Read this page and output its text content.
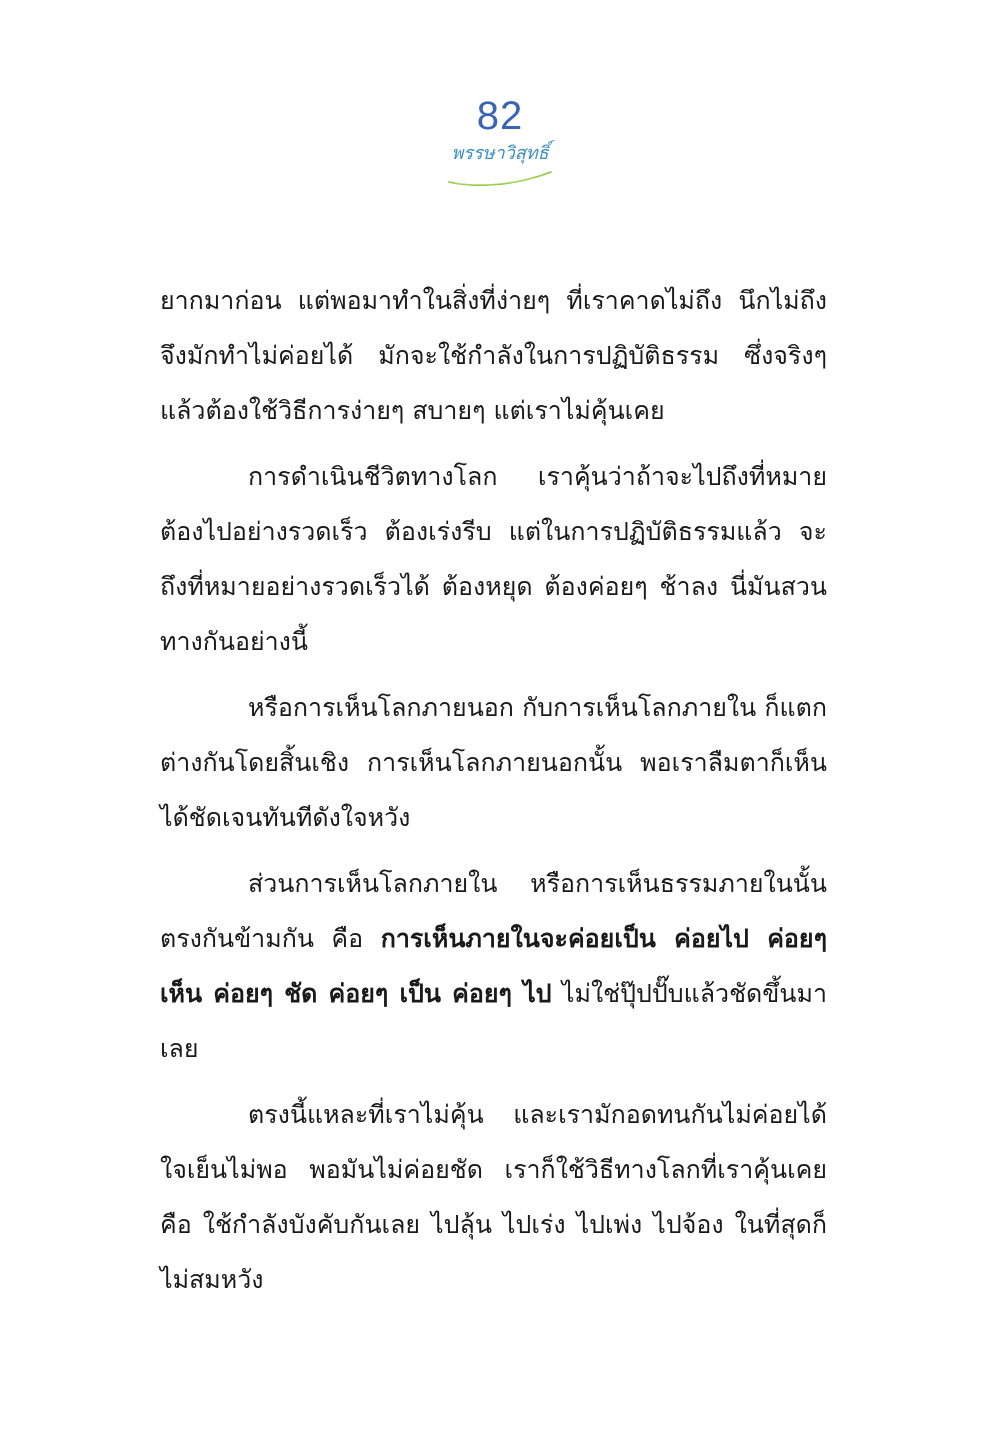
82
พรรษาวิสุทธิ์

ยากมาก่อน แต่พอมาทำในสิ่งที่ง่ายๆ ที่เราคาดไม่ถึง นึกไม่ถึงจึงมักทำไม่ค่อยได้ มักจะใช้กำลังในการปฏิบัติธรรม ซึ่งจริงๆ แล้วต้องใช้วิธีการง่ายๆ สบายๆ แต่เราไม่คุ้นเคย

การดำเนินชีวิตทางโลก เราคุ้นว่าถ้าจะไปถึงที่หมาย ต้องไปอย่างรวดเร็ว ต้องเร่งรีบ แต่ในการปฏิบัติธรรมแล้ว จะถึงที่หมายอย่างรวดเร็วได้ ต้องหยุด ต้องค่อยๆ ช้าลง นี่มันสวนทางกันอย่างนี้

หรือการเห็นโลกภายนอก กับการเห็นโลกภายใน ก็แตกต่างกันโดยสิ้นเชิง การเห็นโลกภายนอกนั้น พอเราลืมตาก็เห็นได้ชัดเจนทันทีดังใจหวัง

ส่วนการเห็นโลกภายใน หรือการเห็นธรรมภายในนั้นตรงกันข้ามกัน คือ การเห็นภายในจะค่อยเป็น ค่อยไป ค่อยๆ เห็น ค่อยๆ ชัด ค่อยๆ เป็น ค่อยๆ ไป ไม่ใช่ปุ๊ปปั๊บแล้วชัดขึ้นมาเลย

ตรงนี้แหละที่เราไม่คุ้น และเรามักอดทนกันไม่ค่อยได้ ใจเย็นไม่พอ พอมันไม่ค่อยชัด เราก็ใช้วิธีทางโลกที่เราคุ้นเคย คือ ใช้กำลังบังคับกันเลย ไปลุ้น ไปเร่ง ไปเพ่ง ไปจ้อง ในที่สุดก็ไม่สมหวัง
